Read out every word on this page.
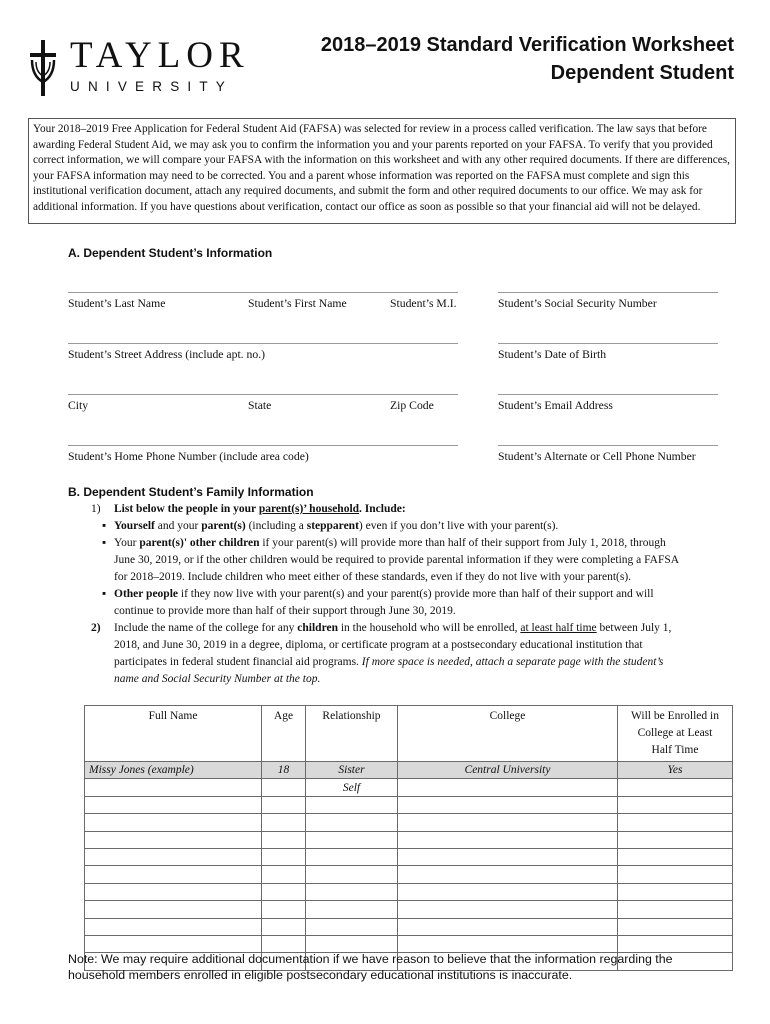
TAYLOR
UNIVERSITY
2018–2019 Standard Verification Worksheet
Dependent Student
Your 2018–2019 Free Application for Federal Student Aid (FAFSA) was selected for review in a process called verification. The law says that before awarding Federal Student Aid, we may ask you to confirm the information you and your parents reported on your FAFSA. To verify that you provided correct information, we will compare your FAFSA with the information on this worksheet and with any other required documents. If there are differences, your FAFSA information may need to be corrected. You and a parent whose information was reported on the FAFSA must complete and sign this institutional verification document, attach any required documents, and submit the form and other required documents to our office. We may ask for additional information. If you have questions about verification, contact our office as soon as possible so that your financial aid will not be delayed.
A. Dependent Student’s Information
Student’s Last Name	Student’s First Name	Student’s M.I.	Student’s Social Security Number
Student’s Street Address (include apt. no.)	Student’s Date of Birth
City	State	Zip Code	Student’s Email Address
Student’s Home Phone Number (include area code)	Student’s Alternate or Cell Phone Number
B. Dependent Student’s Family Information
1) List below the people in your parent(s)’ household. Include:
▪ Yourself and your parent(s) (including a stepparent) even if you don’t live with your parent(s).
▪ Your parent(s)' other children if your parent(s) will provide more than half of their support from July 1, 2018, through
June 30, 2019, or if the other children would be required to provide parental information if they were completing a FAFSA
for 2018–2019. Include children who meet either of these standards, even if they do not live with your parent(s).
▪ Other people if they now live with your parent(s) and your parent(s) provide more than half of their support and will
continue to provide more than half of their support through June 30, 2019.
2) Include the name of the college for any children in the household who will be enrolled, at least half time between July 1,
2018, and June 30, 2019 in a degree, diploma, or certificate program at a postsecondary educational institution that
participates in federal student financial aid programs. If more space is needed, attach a separate page with the student’s
name and Social Security Number at the top.
Full Name	Age	Relationship	College	Will be Enrolled in
College at Least
Half Time

Missy Jones (example)	18	Sister	Central University	Yes
		Self		

Note: We may require additional documentation if we have reason to believe that the information regarding the household members enrolled in eligible postsecondary educational institutions is inaccurate.
